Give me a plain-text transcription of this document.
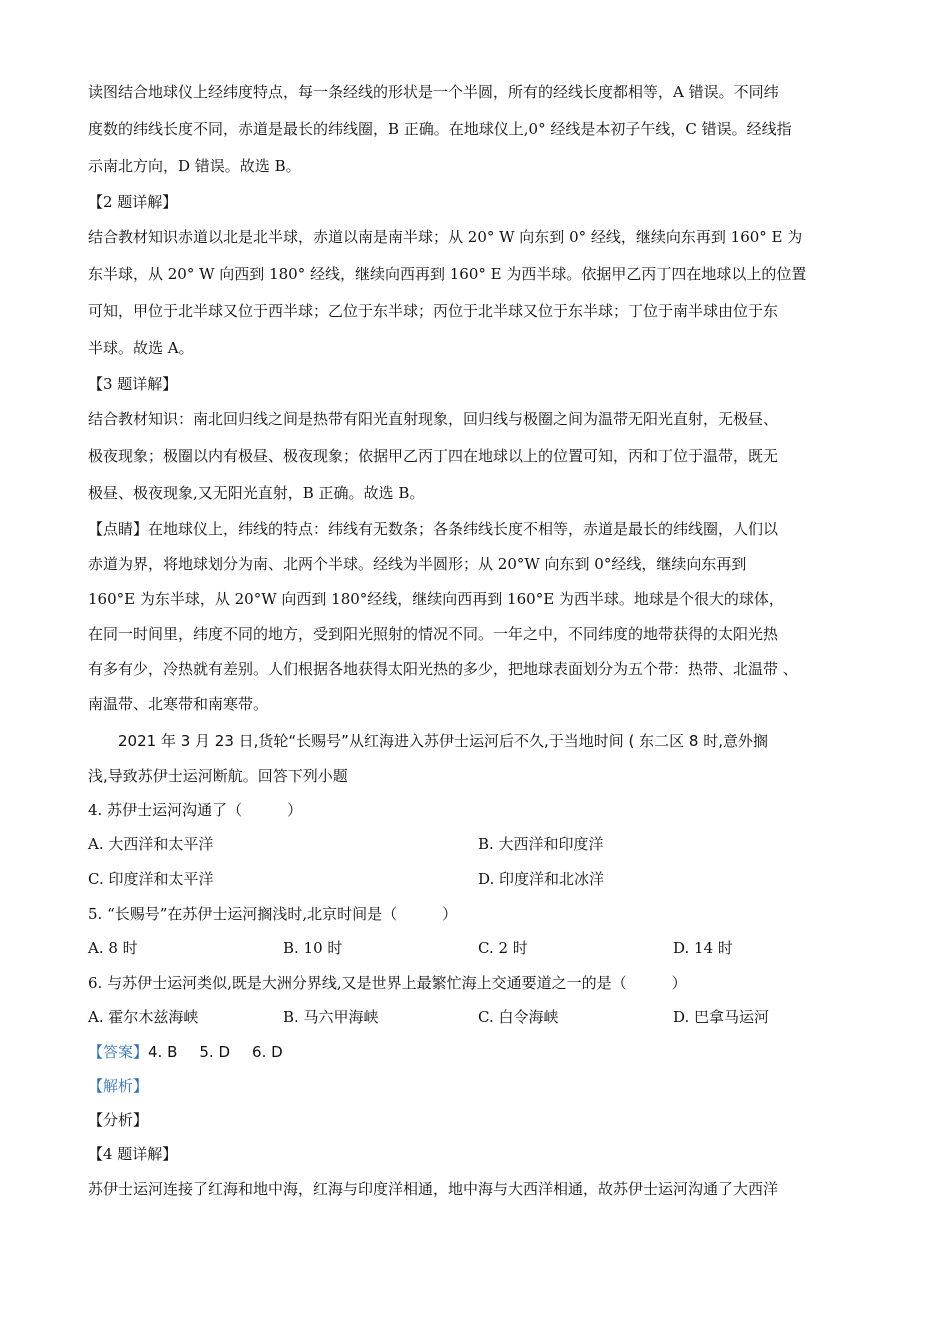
读图结合地球仪上经纬度特点，每一条经线的形状是一个半圆，所有的经线长度都相等，A 错误。不同纬

度数的纬线长度不同，赤道是最长的纬线圈，B 正确。在地球仪上,0° 经线是本初子午线，C 错误。经线指

示南北方向，D 错误。故选 B。

【2 题详解】

结合教材知识赤道以北是北半球，赤道以南是南半球；从 20° W 向东到 0° 经线，继续向东再到 160° E 为

东半球，从 20° W 向西到 180° 经线，继续向西再到 160° E 为西半球。依据甲乙丙丁四在地球以上的位置

可知，甲位于北半球又位于西半球；乙位于东半球；丙位于北半球又位于东半球；丁位于南半球由位于东

半球。故选 A。

【3 题详解】

结合教材知识：南北回归线之间是热带有阳光直射现象，回归线与极圈之间为温带无阳光直射，无极昼、

极夜现象；极圈以内有极昼、极夜现象；依据甲乙丙丁四在地球以上的位置可知，丙和丁位于温带，既无

极昼、极夜现象,又无阳光直射，B 正确。故选 B。

【点睛】在地球仪上，纬线的特点：纬线有无数条；各条纬线长度不相等，赤道是最长的纬线圈，人们以

赤道为界，将地球划分为南、北两个半球。经线为半圆形；从 20°W 向东到 0°经线，继续向东再到

160°E 为东半球，从 20°W 向西到 180°经线，继续向西再到 160°E 为西半球。地球是个很大的球体，

在同一时间里，纬度不同的地方，受到阳光照射的情况不同。一年之中，不同纬度的地带获得的太阳光热

有多有少，冷热就有差别。人们根据各地获得太阳光热的多少，把地球表面划分为五个带：热带、北温带 、

南温带、北寒带和南寒带。

2021 年 3 月 23 日,货轮“长赐号”从红海进入苏伊士运河后不久,于当地时间 ( 东二区 8 时,意外搁

浅,导致苏伊士运河断航。回答下列小题

4. 苏伊士运河沟通了（　　　）

A. 大西洋和太平洋	B. 大西洋和印度洋
C. 印度洋和太平洋	D. 印度洋和北冰洋

5. “长赐号”在苏伊士运河搁浅时,北京时间是（　　　）

A. 8 时	B. 10 时	C. 2 时	D. 14 时

6. 与苏伊士运河类似,既是大洲分界线,又是世界上最繁忙海上交通要道之一的是（　　　）

A. 霍尔木兹海峡	B. 马六甲海峡	C. 白令海峡	D. 巴拿马运河

【答案】4. B 5. D 6. D

【解析】

【分析】

【4 题详解】

苏伊士运河连接了红海和地中海，红海与印度洋相通，地中海与大西洋相通，故苏伊士运河沟通了大西洋
